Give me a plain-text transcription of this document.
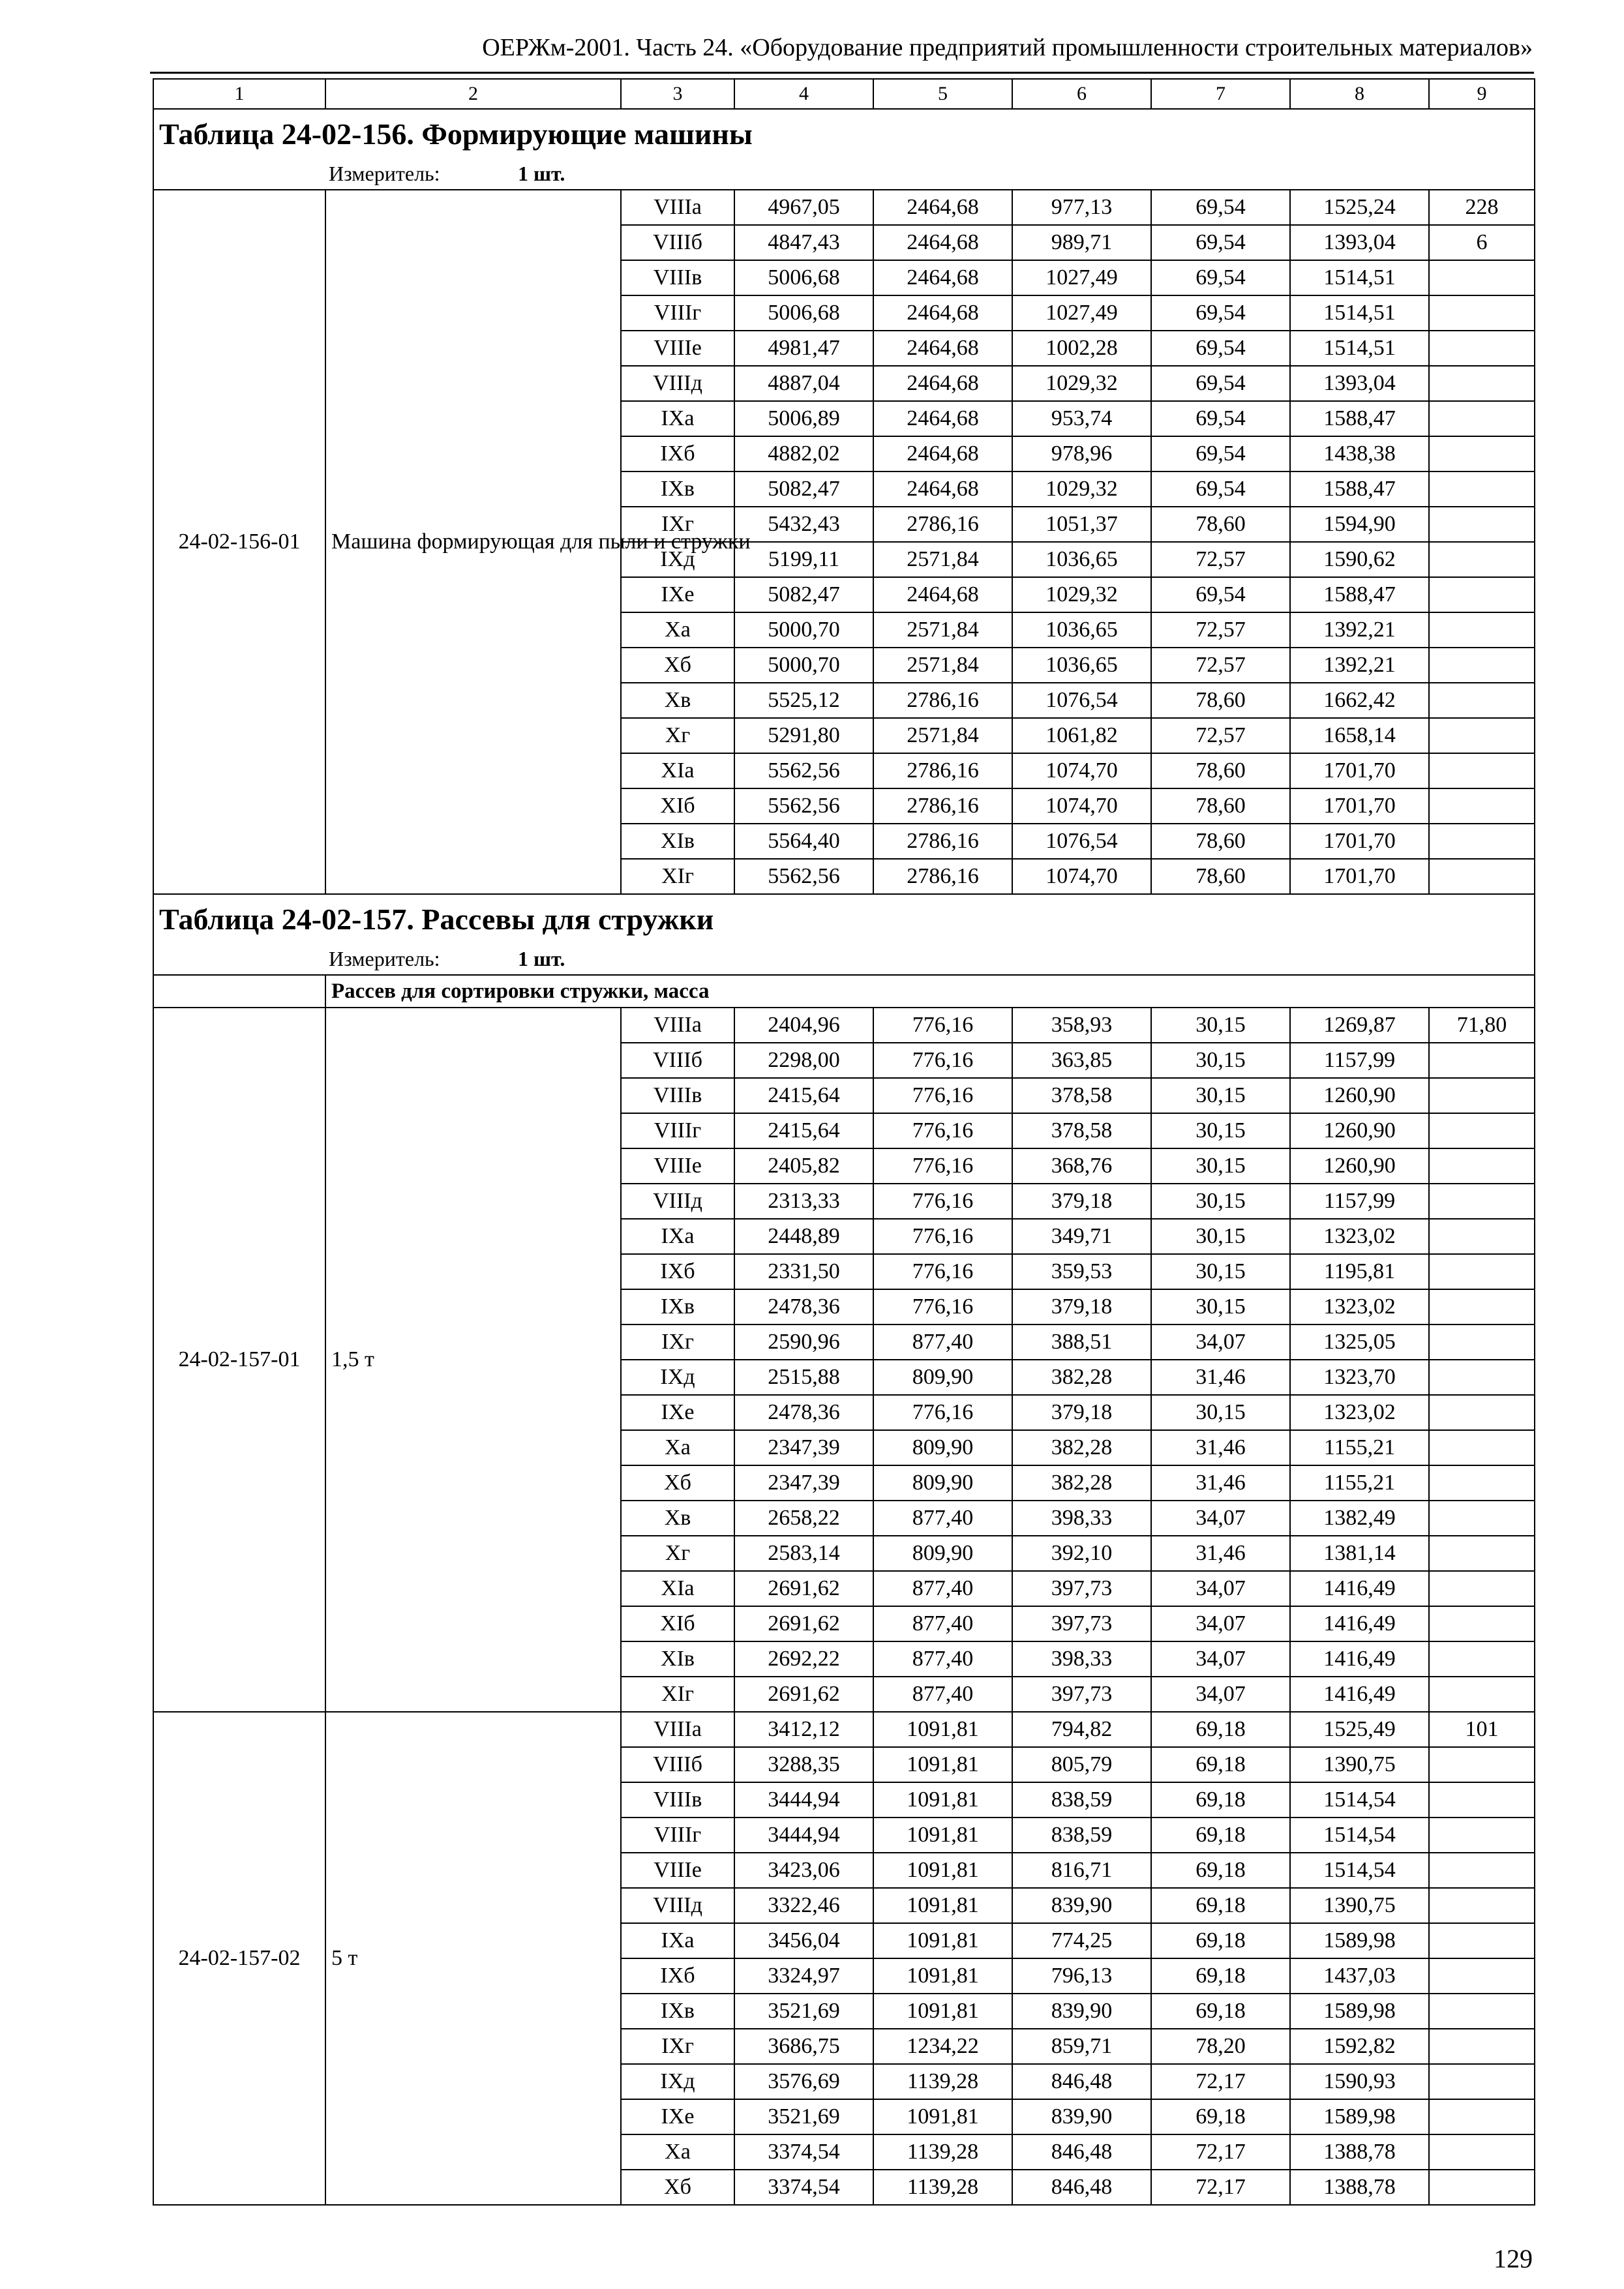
ОЕРЖм-2001. Часть 24. «Оборудование предприятий промышленности строительных материалов»
1	2	3	4	5	6	7	8	9
Таблица 24-02-156. Формирующие машины								
Измеритель: 1 шт.								
24-02-156-01	Машина формирующая для пыли и стружки	VIIIа	4967,05	2464,68	977,13	69,54	1525,24	228
		VIIIб	4847,43	2464,68	989,71	69,54	1393,04	6
		VIIIв	5006,68	2464,68	1027,49	69,54	1514,51	
		VIIIг	5006,68	2464,68	1027,49	69,54	1514,51	
		VIIIе	4981,47	2464,68	1002,28	69,54	1514,51	
		VIIIд	4887,04	2464,68	1029,32	69,54	1393,04	
		IXа	5006,89	2464,68	953,74	69,54	1588,47	
		IXб	4882,02	2464,68	978,96	69,54	1438,38	
		IXв	5082,47	2464,68	1029,32	69,54	1588,47	
		IXг	5432,43	2786,16	1051,37	78,60	1594,90	
		IXд	5199,11	2571,84	1036,65	72,57	1590,62	
		IXе	5082,47	2464,68	1029,32	69,54	1588,47	
		Xа	5000,70	2571,84	1036,65	72,57	1392,21	
		Xб	5000,70	2571,84	1036,65	72,57	1392,21	
		Xв	5525,12	2786,16	1076,54	78,60	1662,42	
		Xг	5291,80	2571,84	1061,82	72,57	1658,14	
		XIа	5562,56	2786,16	1074,70	78,60	1701,70	
		XIб	5562,56	2786,16	1074,70	78,60	1701,70	
		XIв	5564,40	2786,16	1076,54	78,60	1701,70	
		XIг	5562,56	2786,16	1074,70	78,60	1701,70	
Таблица 24-02-157. Рассевы для стружки								
Измеритель: 1 шт.								
	Рассев для сортировки стружки, масса							
24-02-157-01	1,5 т	VIIIа	2404,96	776,16	358,93	30,15	1269,87	71,80
		VIIIб	2298,00	776,16	363,85	30,15	1157,99	
		VIIIв	2415,64	776,16	378,58	30,15	1260,90	
		VIIIг	2415,64	776,16	378,58	30,15	1260,90	
		VIIIе	2405,82	776,16	368,76	30,15	1260,90	
		VIIIд	2313,33	776,16	379,18	30,15	1157,99	
		IXа	2448,89	776,16	349,71	30,15	1323,02	
		IXб	2331,50	776,16	359,53	30,15	1195,81	
		IXв	2478,36	776,16	379,18	30,15	1323,02	
		IXг	2590,96	877,40	388,51	34,07	1325,05	
		IXд	2515,88	809,90	382,28	31,46	1323,70	
		IXе	2478,36	776,16	379,18	30,15	1323,02	
		Xа	2347,39	809,90	382,28	31,46	1155,21	
		Xб	2347,39	809,90	382,28	31,46	1155,21	
		Xв	2658,22	877,40	398,33	34,07	1382,49	
		Xг	2583,14	809,90	392,10	31,46	1381,14	
		XIа	2691,62	877,40	397,73	34,07	1416,49	
		XIб	2691,62	877,40	397,73	34,07	1416,49	
		XIв	2692,22	877,40	398,33	34,07	1416,49	
		XIг	2691,62	877,40	397,73	34,07	1416,49	
24-02-157-02	5 т	VIIIа	3412,12	1091,81	794,82	69,18	1525,49	101
		VIIIб	3288,35	1091,81	805,79	69,18	1390,75	
		VIIIв	3444,94	1091,81	838,59	69,18	1514,54	
		VIIIг	3444,94	1091,81	838,59	69,18	1514,54	
		VIIIе	3423,06	1091,81	816,71	69,18	1514,54	
		VIIIд	3322,46	1091,81	839,90	69,18	1390,75	
		IXа	3456,04	1091,81	774,25	69,18	1589,98	
		IXб	3324,97	1091,81	796,13	69,18	1437,03	
		IXв	3521,69	1091,81	839,90	69,18	1589,98	
		IXг	3686,75	1234,22	859,71	78,20	1592,82	
		IXд	3576,69	1139,28	846,48	72,17	1590,93	
		IXе	3521,69	1091,81	839,90	69,18	1589,98	
		Xа	3374,54	1139,28	846,48	72,17	1388,78	
		Xб	3374,54	1139,28	846,48	72,17	1388,78	
129
